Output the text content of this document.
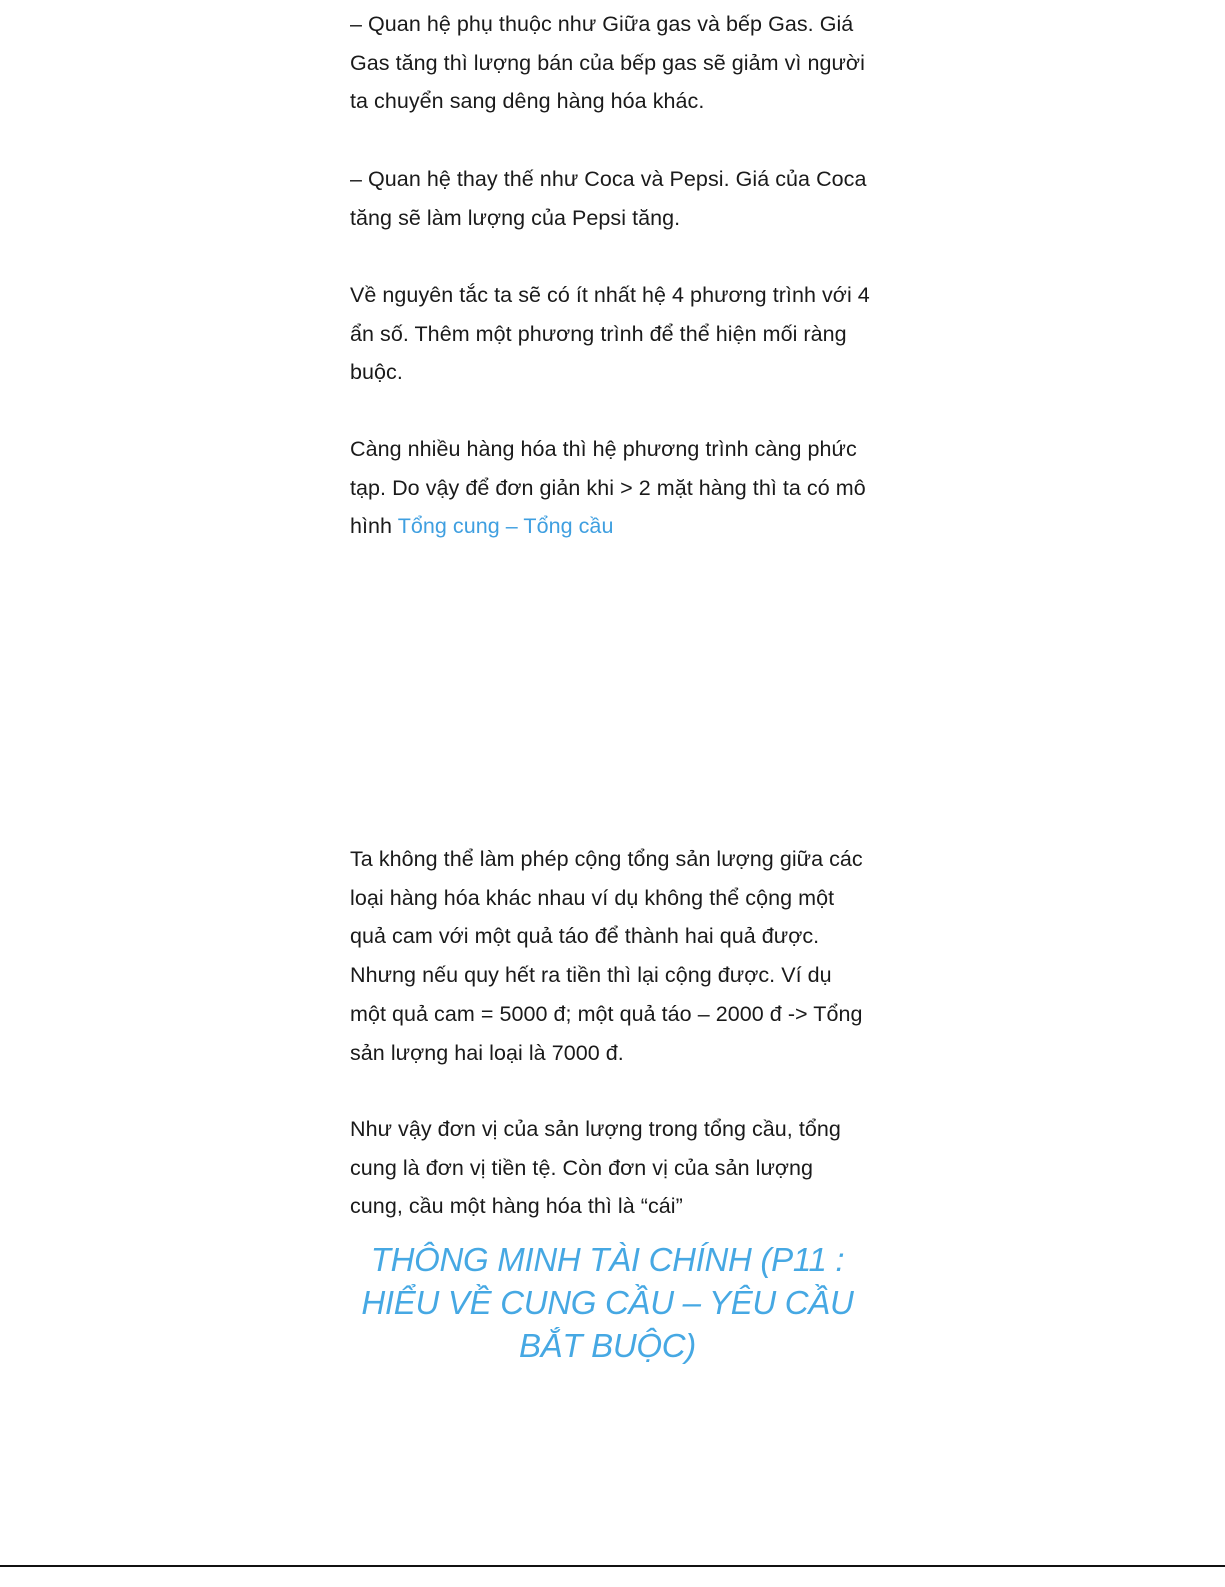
– Quan hệ phụ thuộc như Giữa gas và bếp Gas. Giá Gas tăng thì lượng bán của bếp gas sẽ giảm vì người ta chuyển sang dêng hàng hóa khác.

– Quan hệ thay thế như Coca và Pepsi. Giá của Coca tăng sẽ làm lượng của Pepsi tăng.

Về nguyên tắc ta sẽ có ít nhất hệ 4 phương trình với 4 ẩn số. Thêm một phương trình để thể hiện mối ràng buộc.

Càng nhiều hàng hóa thì hệ phương trình càng phức tạp. Do vậy để đơn giản khi > 2 mặt hàng thì ta có mô hình Tổng cung – Tổng cầu

Ta không thể làm phép cộng tổng sản lượng giữa các loại hàng hóa khác nhau ví dụ không thể cộng một quả cam với một quả táo để thành hai quả được. Nhưng nếu quy hết ra tiền thì lại cộng được. Ví dụ một quả cam = 5000 đ; một quả táo – 2000 đ -> Tổng sản lượng hai loại là 7000 đ.

Như vậy đơn vị của sản lượng trong tổng cầu, tổng cung là đơn vị tiền tệ. Còn đơn vị của sản lượng cung, cầu một hàng hóa thì là “cái”

THÔNG MINH TÀI CHÍNH (P11 : HIỂU VỀ CUNG CẦU – YÊU CẦU BẮT BUỘC)
